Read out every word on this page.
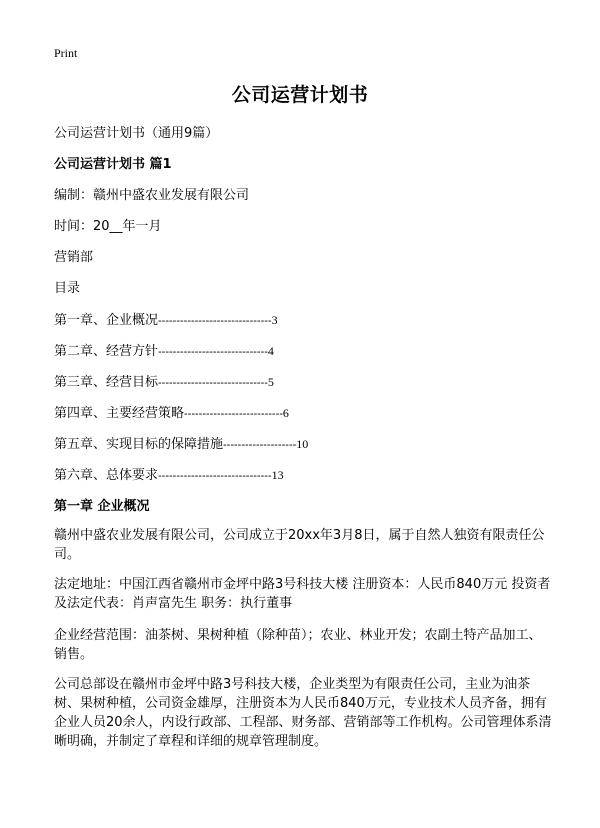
Print
公司运营计划书
公司运营计划书（通用9篇）
公司运营计划书 篇1
编制：赣州中盛农业发展有限公司
时间：20__年一月
营销部
目录
第一章、企业概况-------------------------------3
第二章、经营方针------------------------------4
第三章、经营目标------------------------------5
第四章、主要经营策略---------------------------6
第五章、实现目标的保障措施--------------------10
第六章、总体要求-------------------------------13
第一章 企业概况
赣州中盛农业发展有限公司，公司成立于20xx年3月8日，属于自然人独资有限责任公司。
法定地址：中国江西省赣州市金坪中路3号科技大楼 注册资本：人民币840万元 投资者及法定代表：肖声富先生 职务：执行董事
企业经营范围：油茶树、果树种植（除种苗）；农业、林业开发；农副土特产品加工、销售。
公司总部设在赣州市金坪中路3号科技大楼，企业类型为有限责任公司，主业为油茶树、果树种植，公司资金雄厚，注册资本为人民币840万元，专业技术人员齐备，拥有企业人员20余人，内设行政部、工程部、财务部、营销部等工作机构。公司管理体系清晰明确，并制定了章程和详细的规章管理制度。
